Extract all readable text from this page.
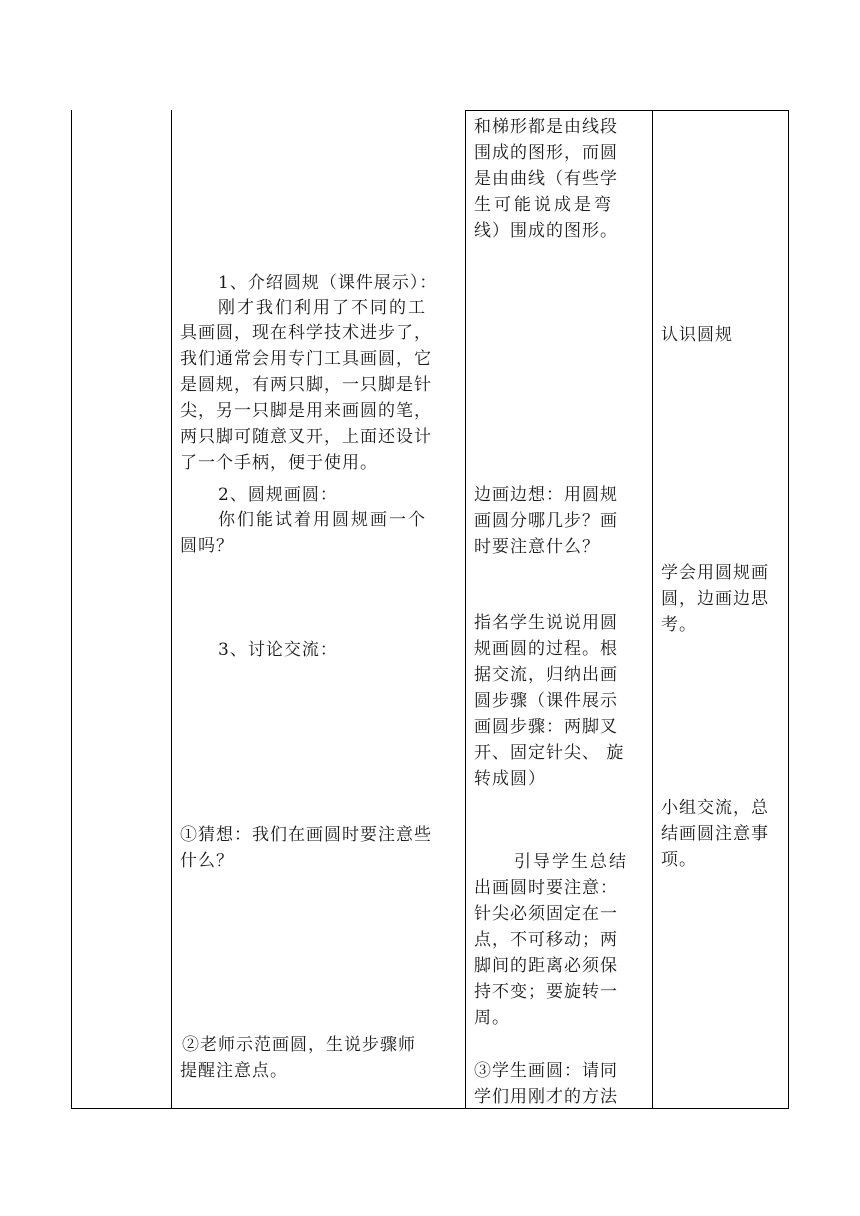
和梯形都是由线段
围成的图形，而圆
是由曲线（有些学
生可能说成是弯
线）围成的图形。
1、介绍圆规（课件展示）：
刚才我们利用了不同的工
具画圆，现在科学技术进步了，
我们通常会用专门工具画圆，它
是圆规，有两只脚，一只脚是针
尖，另一只脚是用来画圆的笔，
两只脚可随意叉开，上面还设计
了一个手柄，便于使用。
认识圆规
2、圆规画圆：
你们能试着用圆规画一个
圆吗？
边画边想：用圆规
画圆分哪几步？画
时要注意什么？
学会用圆规画
圆，边画边思
考。
3、讨论交流：
指名学生说说用圆
规画圆的过程。根
据交流，归纳出画
圆步骤（课件展示
画圆步骤：两脚叉
开、固定针尖、 旋
转成圆）
小组交流，总
结画圆注意事
项。
①猜想：我们在画圆时要注意些
什么？	引导学生总结
出画圆时要注意：
针尖必须固定在一
点，不可移动；两
脚间的距离必须保
持不变；要旋转一
周。
②老师示范画圆，生说步骤师
提醒注意点。	③学生画圆：请同
学们用刚才的方法
